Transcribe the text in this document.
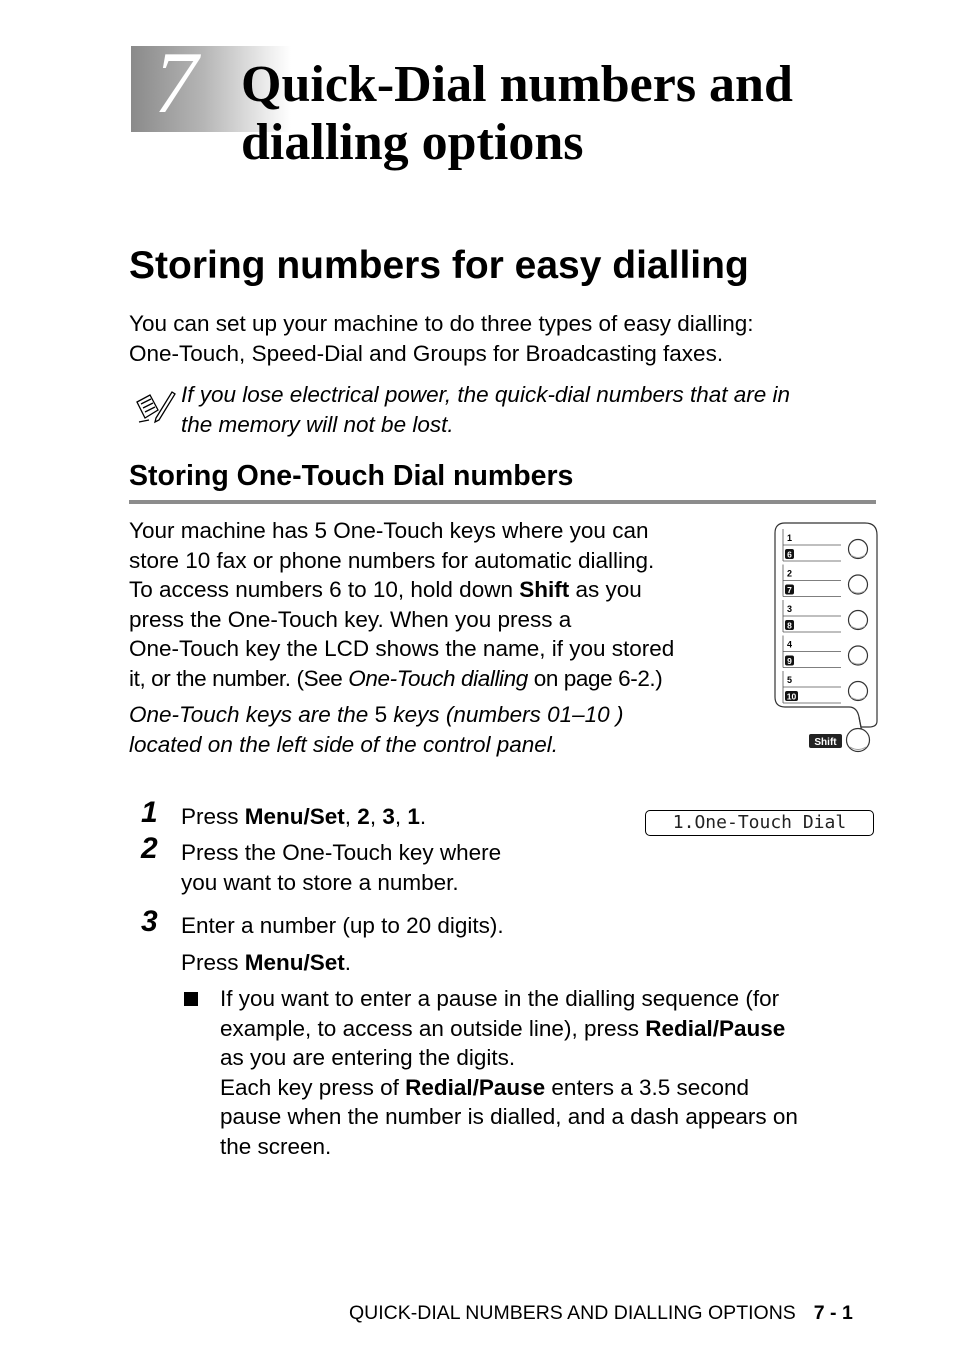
7 Quick-Dial numbers and
dialling options
Storing numbers for easy dialling
You can set up your machine to do three types of easy dialling:
One-Touch, Speed-Dial and Groups for Broadcasting faxes.
If you lose electrical power, the quick-dial numbers that are in
the memory will not be lost.
Storing One-Touch Dial numbers
Your machine has 5 One-Touch keys where you can
store 10 fax or phone numbers for automatic dialling.
To access numbers 6 to 10, hold down Shift as you
press the One-Touch key. When you press a
One-Touch key the LCD shows the name, if you stored
it, or the number. (See One-Touch dialling on page 6-2.)
One-Touch keys are the 5 keys (numbers 01–10 )
located on the left side of the control panel.
1
6
2
7
3
8
4
9
5
10
Shift
1 Press Menu/Set, 2, 3, 1.	1.One-Touch Dial
2 Press the One-Touch key where
you want to store a number.
3 Enter a number (up to 20 digits).
Press Menu/Set.
If you want to enter a pause in the dialling sequence (for
example, to access an outside line), press Redial/Pause
as you are entering the digits.
Each key press of Redial/Pause enters a 3.5 second
pause when the number is dialled, and a dash appears on
the screen.
QUICK-DIAL NUMBERS AND DIALLING OPTIONS 7 - 1
